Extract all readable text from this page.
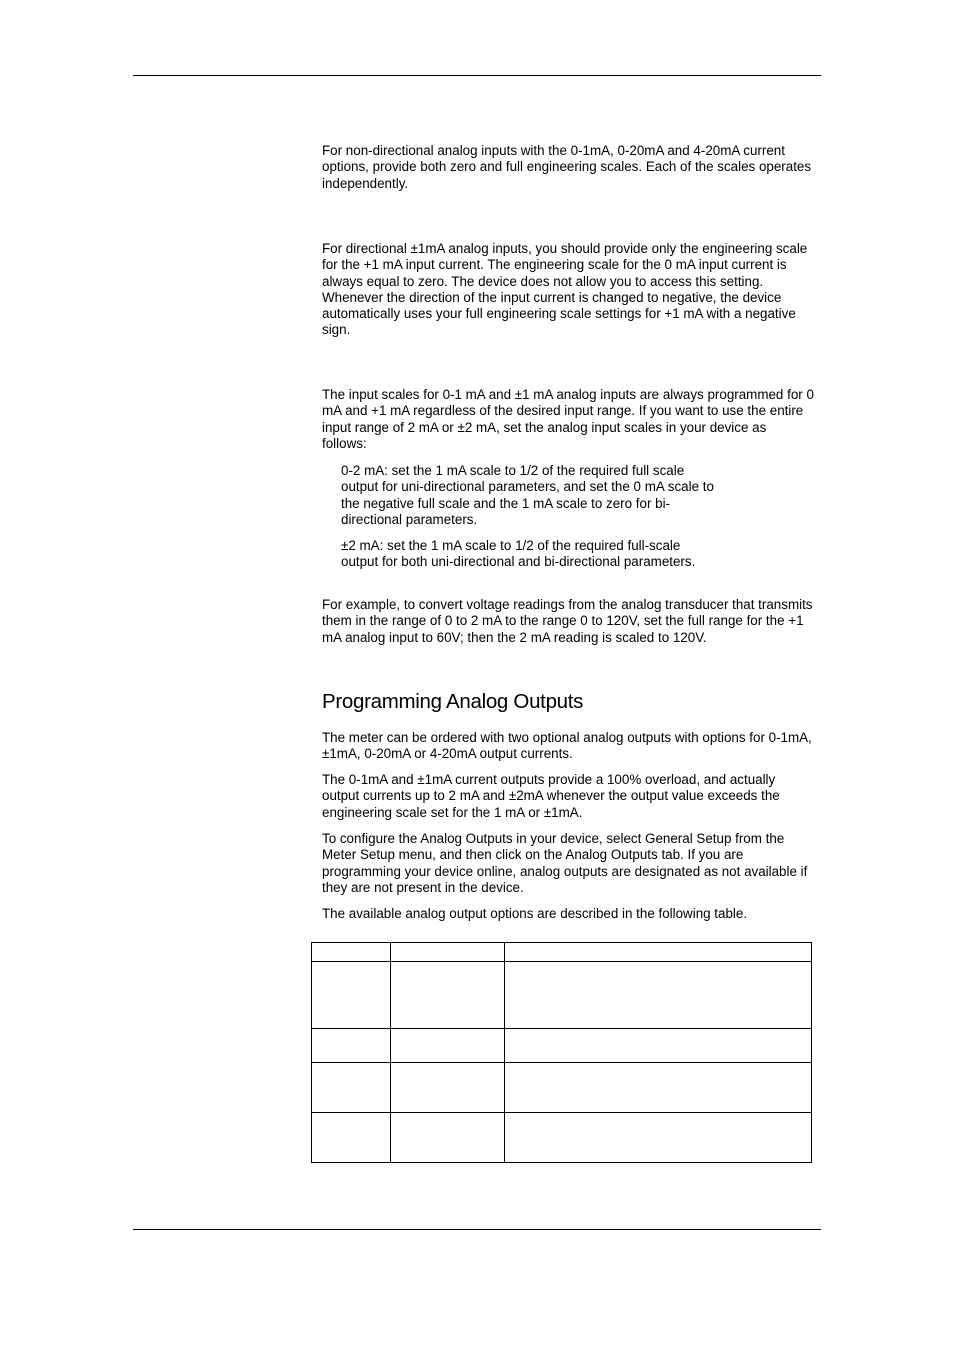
For non-directional analog inputs with the 0-1mA, 0-20mA and 4-20mA current options, provide both zero and full engineering scales. Each of the scales operates independently.

For directional ±1mA analog inputs, you should provide only the engineering scale for the +1 mA input current. The engineering scale for the 0 mA input current is always equal to zero. The device does not allow you to access this setting. Whenever the direction of the input current is changed to negative, the device automatically uses your full engineering scale settings for +1 mA with a negative sign.

The input scales for 0-1 mA and ±1 mA analog inputs are always programmed for 0 mA and +1 mA regardless of the desired input range. If you want to use the entire input range of 2 mA or ±2 mA, set the analog input scales in your device as follows:

0-2 mA: set the 1 mA scale to 1/2 of the required full scale output for uni-directional parameters, and set the 0 mA scale to the negative full scale and the 1 mA scale to zero for bi-directional parameters.

±2 mA: set the 1 mA scale to 1/2 of the required full-scale output for both uni-directional and bi-directional parameters.

For example, to convert voltage readings from the analog transducer that transmits them in the range of 0 to 2 mA to the range 0 to 120V, set the full range for the +1 mA analog input to 60V; then the 2 mA reading is scaled to 120V.

Programming Analog Outputs

The meter can be ordered with two optional analog outputs with options for 0-1mA, ±1mA, 0-20mA or 4-20mA output currents.

The 0-1mA and ±1mA current outputs provide a 100% overload, and actually output currents up to 2 mA and ±2mA whenever the output value exceeds the engineering scale set for the 1 mA or ±1mA.

To configure the Analog Outputs in your device, select General Setup from the Meter Setup menu, and then click on the Analog Outputs tab. If you are programming your device online, analog outputs are designated as not available if they are not present in the device.

The available analog output options are described in the following table.
